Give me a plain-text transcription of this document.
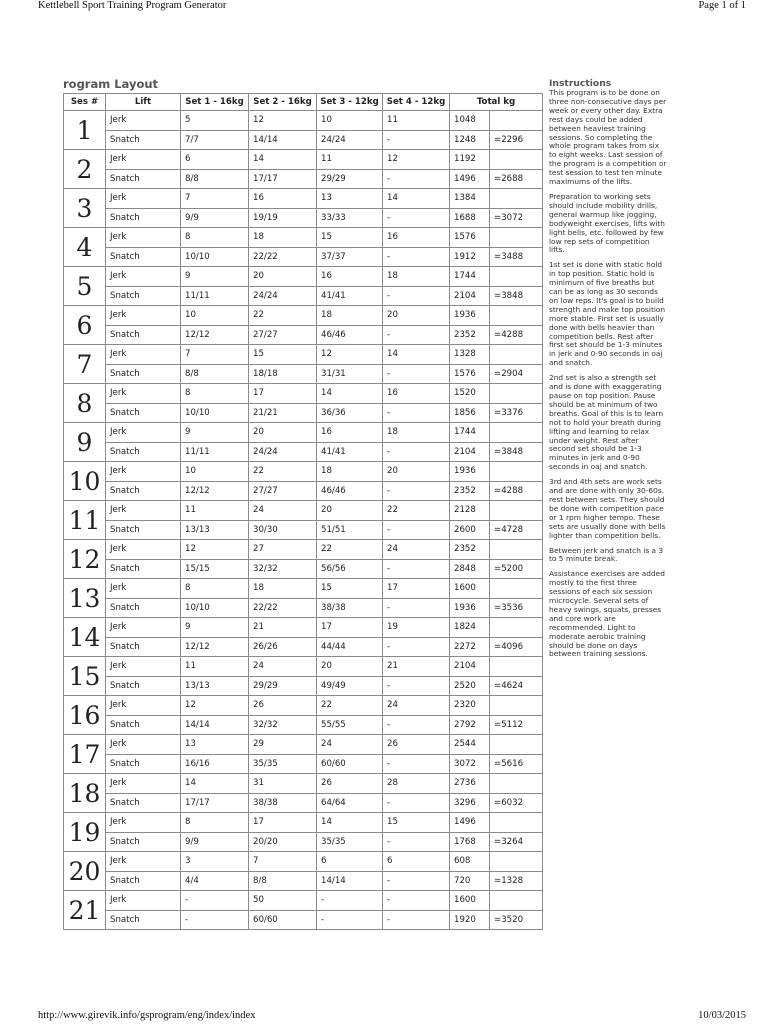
Kettlebell Sport Training Program Generator	Page 1 of 1
rogram Layout
Ses #	Lift	Set 1 - 16kg	Set 2 - 16kg	Set 3 - 12kg	Set 4 - 12kg	Total kg	
1	Jerk	5	12	10	11	1048	
	Snatch	7/7	14/14	24/24	-	1248	=2296
2	Jerk	6	14	11	12	1192	
	Snatch	8/8	17/17	29/29	-	1496	=2688
3	Jerk	7	16	13	14	1384	
	Snatch	9/9	19/19	33/33	-	1688	=3072
4	Jerk	8	18	15	16	1576	
	Snatch	10/10	22/22	37/37	-	1912	=3488
5	Jerk	9	20	16	18	1744	
	Snatch	11/11	24/24	41/41	-	2104	=3848
6	Jerk	10	22	18	20	1936	
	Snatch	12/12	27/27	46/46	-	2352	=4288
7	Jerk	7	15	12	14	1328	
	Snatch	8/8	18/18	31/31	-	1576	=2904
8	Jerk	8	17	14	16	1520	
	Snatch	10/10	21/21	36/36	-	1856	=3376
9	Jerk	9	20	16	18	1744	
	Snatch	11/11	24/24	41/41	-	2104	=3848
10	Jerk	10	22	18	20	1936	
	Snatch	12/12	27/27	46/46	-	2352	=4288
11	Jerk	11	24	20	22	2128	
	Snatch	13/13	30/30	51/51	-	2600	=4728
12	Jerk	12	27	22	24	2352	
	Snatch	15/15	32/32	56/56	-	2848	=5200
13	Jerk	8	18	15	17	1600	
	Snatch	10/10	22/22	38/38	-	1936	=3536
14	Jerk	9	21	17	19	1824	
	Snatch	12/12	26/26	44/44	-	2272	=4096
15	Jerk	11	24	20	21	2104	
	Snatch	13/13	29/29	49/49	-	2520	=4624
16	Jerk	12	26	22	24	2320	
	Snatch	14/14	32/32	55/55	-	2792	=5112
17	Jerk	13	29	24	26	2544	
	Snatch	16/16	35/35	60/60	-	3072	=5616
18	Jerk	14	31	26	28	2736	
	Snatch	17/17	38/38	64/64	-	3296	=6032
19	Jerk	8	17	14	15	1496	
	Snatch	9/9	20/20	35/35	-	1768	=3264
20	Jerk	3	7	6	6	608	
	Snatch	4/4	8/8	14/14	-	720	=1328
21	Jerk	-	50	-	-	1600	
	Snatch	-	60/60	-	-	1920	=3520
Instructions

This program is to be done on three non-consecutive days per week or every other day. Extra rest days could be added between heaviest training sessions. So completing the whole program takes from six to eight weeks. Last session of the program is a competition or test session to test ten minute maximums of the lifts.

Preparation to working sets should include mobility drills, general warmup like jogging, bodyweight exercises, lifts with light bells, etc. followed by few low rep sets of competition lifts.

1st set is done with static hold in top position. Static hold is minimum of five breaths but can be as long as 30 seconds on low reps. It's goal is to build strength and make top position more stable. First set is usually done with bells heavier than competition bells. Rest after first set should be 1-3 minutes in jerk and 0-90 seconds in oaj and snatch.

2nd set is also a strength set and is done with exaggerating pause on top position. Pause should be at minimum of two breaths. Goal of this is to learn not to hold your breath during lifting and learning to relax under weight. Rest after second set should be 1-3 minutes in jerk and 0-90 seconds in oaj and snatch.

3rd and 4th sets are work sets and are done with only 30-60s. rest between sets. They should be done with competition pace or 1 rpm higher tempo. These sets are usually done with bells lighter than competition bells.

Between jerk and snatch is a 3 to 5 minute break.

Assistance exercises are added mostly to the first three sessions of each six session microcycle. Several sets of heavy swings, squats, presses and core work are recommended. Light to moderate aerobic training should be done on days between training sessions.

http://www.girevik.info/gsprogram/eng/index/index	10/03/2015
